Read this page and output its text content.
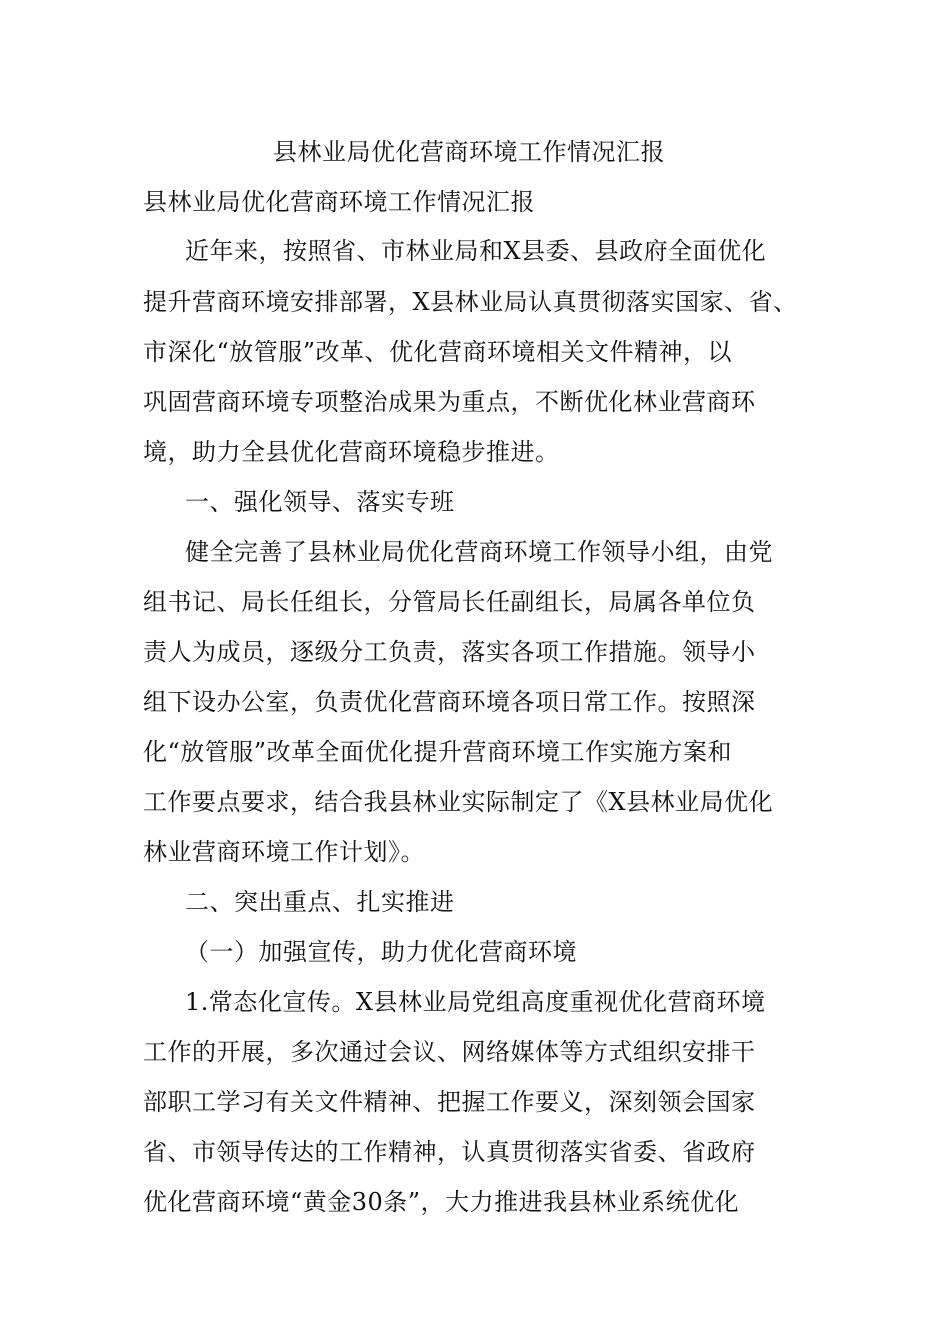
县林业局优化营商环境工作情况汇报
县林业局优化营商环境工作情况汇报
近年来，按照省、市林业局和X县委、县政府全面优化
提升营商环境安排部署，X县林业局认真贯彻落实国家、省、
市深化“放管服”改革、优化营商环境相关文件精神，以
巩固营商环境专项整治成果为重点，不断优化林业营商环
境，助力全县优化营商环境稳步推进。
一、强化领导、落实专班
健全完善了县林业局优化营商环境工作领导小组，由党
组书记、局长任组长，分管局长任副组长，局属各单位负
责人为成员，逐级分工负责，落实各项工作措施。领导小
组下设办公室，负责优化营商环境各项日常工作。按照深
化“放管服”改革全面优化提升营商环境工作实施方案和
工作要点要求，结合我县林业实际制定了《X县林业局优化
林业营商环境工作计划》。
二、突出重点、扎实推进
（一）加强宣传，助力优化营商环境
1.常态化宣传。X县林业局党组高度重视优化营商环境
工作的开展，多次通过会议、网络媒体等方式组织安排干
部职工学习有关文件精神、把握工作要义，深刻领会国家
省、市领导传达的工作精神，认真贯彻落实省委、省政府
优化营商环境“黄金30条”，大力推进我县林业系统优化
